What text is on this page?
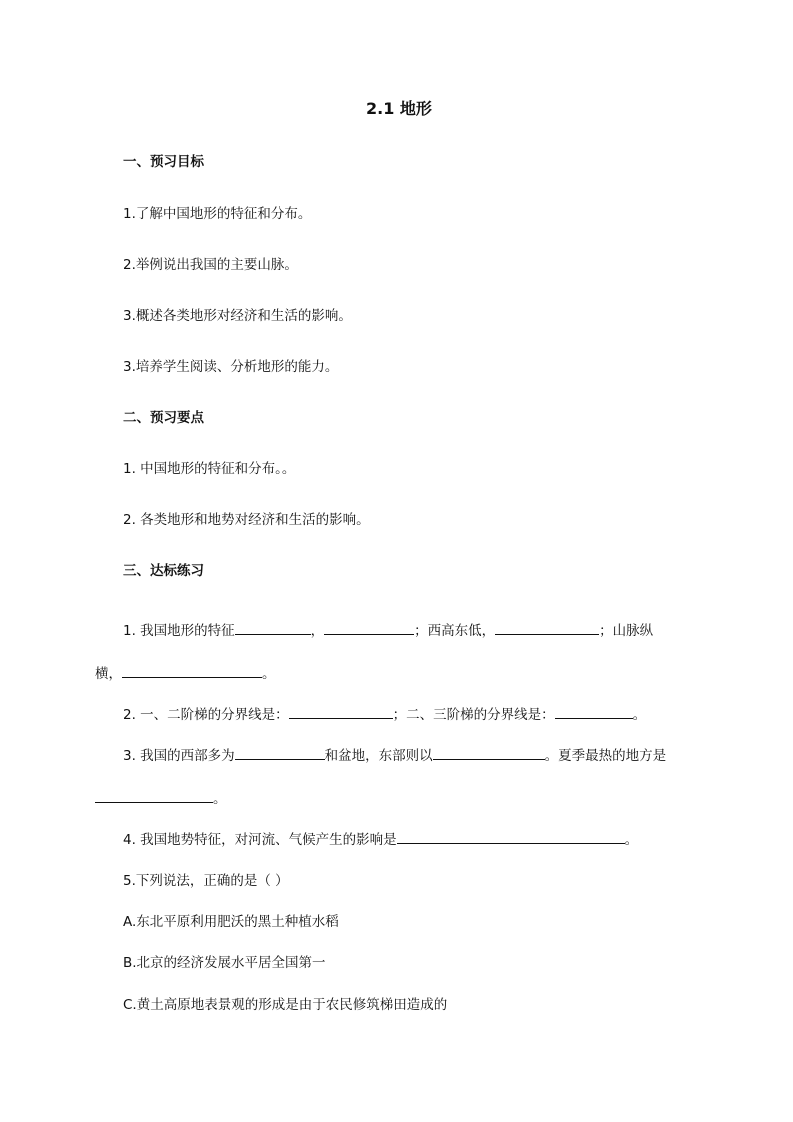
2.1 地形
一、预习目标
1.了解中国地形的特征和分布。
2.举例说出我国的主要山脉。
3.概述各类地形对经济和生活的影响。
3.培养学生阅读、分析地形的能力。
二、预习要点
1. 中国地形的特征和分布。。
2. 各类地形和地势对经济和生活的影响。
三、达标练习
1. 我国地形的特征	，	；西高东低，	；山脉纵
横，	。
2. 一、二阶梯的分界线是：	；二、三阶梯的分界线是：	。
3. 我国的西部多为	和盆地，东部则以	。夏季最热的地方是
。
4. 我国地势特征，对河流、气候产生的影响是	。
5.下列说法，正确的是（ ）
A.东北平原利用肥沃的黑土种植水稻
B.北京的经济发展水平居全国第一
C.黄土高原地表景观的形成是由于农民修筑梯田造成的
